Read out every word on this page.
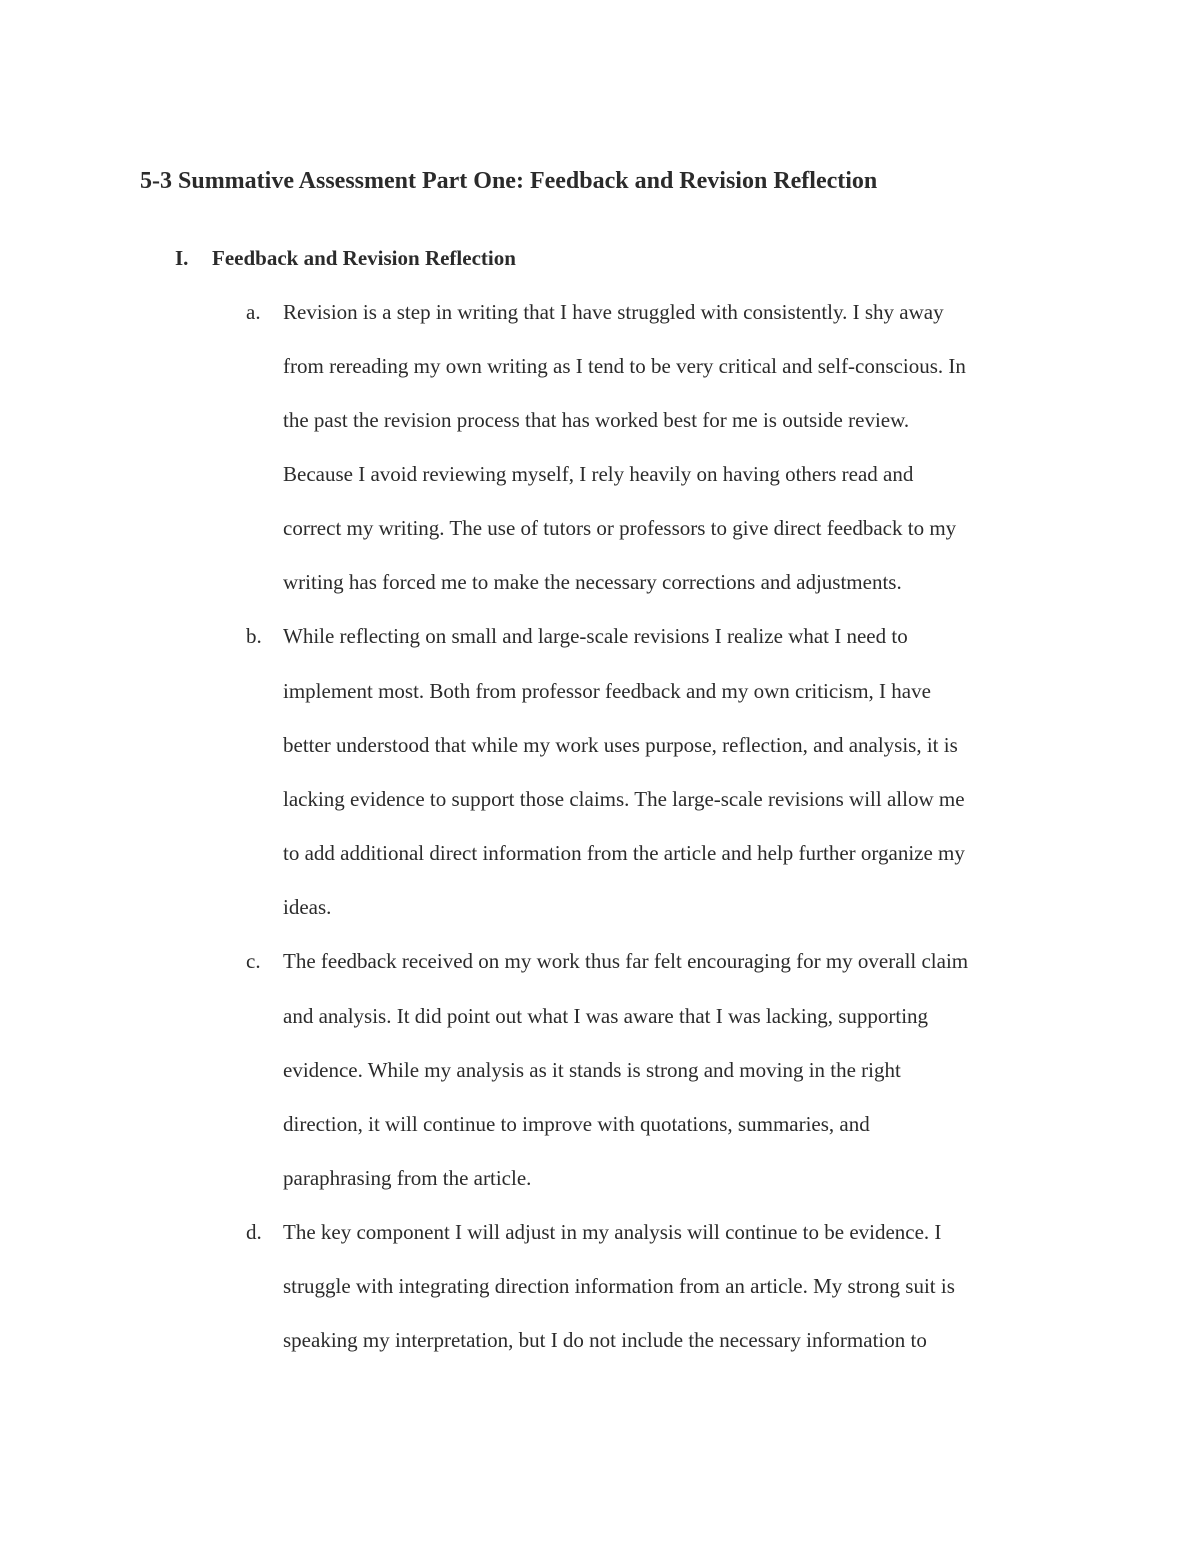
5-3 Summative Assessment Part One: Feedback and Revision Reflection
I. Feedback and Revision Reflection
a. Revision is a step in writing that I have struggled with consistently. I shy away
from rereading my own writing as I tend to be very critical and self-conscious. In
the past the revision process that has worked best for me is outside review.
Because I avoid reviewing myself, I rely heavily on having others read and
correct my writing. The use of tutors or professors to give direct feedback to my
writing has forced me to make the necessary corrections and adjustments.
b. While reflecting on small and large-scale revisions I realize what I need to
implement most. Both from professor feedback and my own criticism, I have
better understood that while my work uses purpose, reflection, and analysis, it is
lacking evidence to support those claims. The large-scale revisions will allow me
to add additional direct information from the article and help further organize my
ideas.
c. The feedback received on my work thus far felt encouraging for my overall claim
and analysis. It did point out what I was aware that I was lacking, supporting
evidence. While my analysis as it stands is strong and moving in the right
direction, it will continue to improve with quotations, summaries, and
paraphrasing from the article.
d. The key component I will adjust in my analysis will continue to be evidence. I
struggle with integrating direction information from an article. My strong suit is
speaking my interpretation, but I do not include the necessary information to
